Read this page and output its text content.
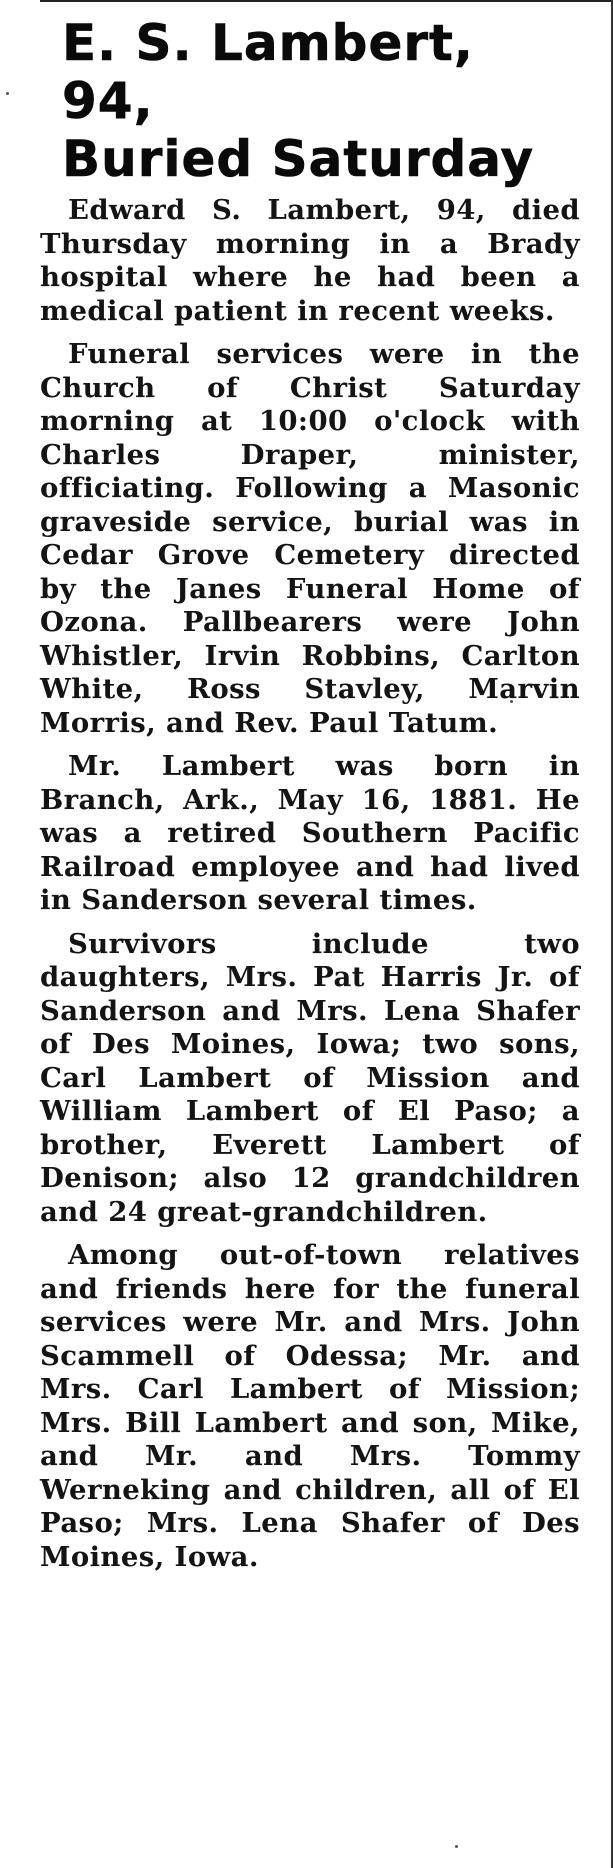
E. S. Lambert, 94,
Buried Saturday

Edward S. Lambert, 94, died Thursday morning in a Brady hospital where he had been a medical patient in recent weeks.

Funeral services were in the Church of Christ Saturday morning at 10:00 o'clock with Charles Draper, minister, officiating. Following a Masonic graveside service, burial was in Cedar Grove Cemetery directed by the Janes Funeral Home of Ozona. Pallbearers were John Whistler, Irvin Robbins, Carlton White, Ross Stavley, Marvin Morris, and Rev. Paul Tatum.

Mr. Lambert was born in Branch, Ark., May 16, 1881. He was a retired Southern Pacific Railroad employee and had lived in Sanderson several times.

Survivors include two daughters, Mrs. Pat Harris Jr. of Sanderson and Mrs. Lena Shafer of Des Moines, Iowa; two sons, Carl Lambert of Mission and William Lambert of El Paso; a brother, Everett Lambert of Denison; also 12 grandchildren and 24 great-grandchildren.

Among out-of-town relatives and friends here for the funeral services were Mr. and Mrs. John Scammell of Odessa; Mr. and Mrs. Carl Lambert of Mission; Mrs. Bill Lambert and son, Mike, and Mr. and Mrs. Tommy Werneking and children, all of El Paso; Mrs. Lena Shafer of Des Moines, Iowa.
